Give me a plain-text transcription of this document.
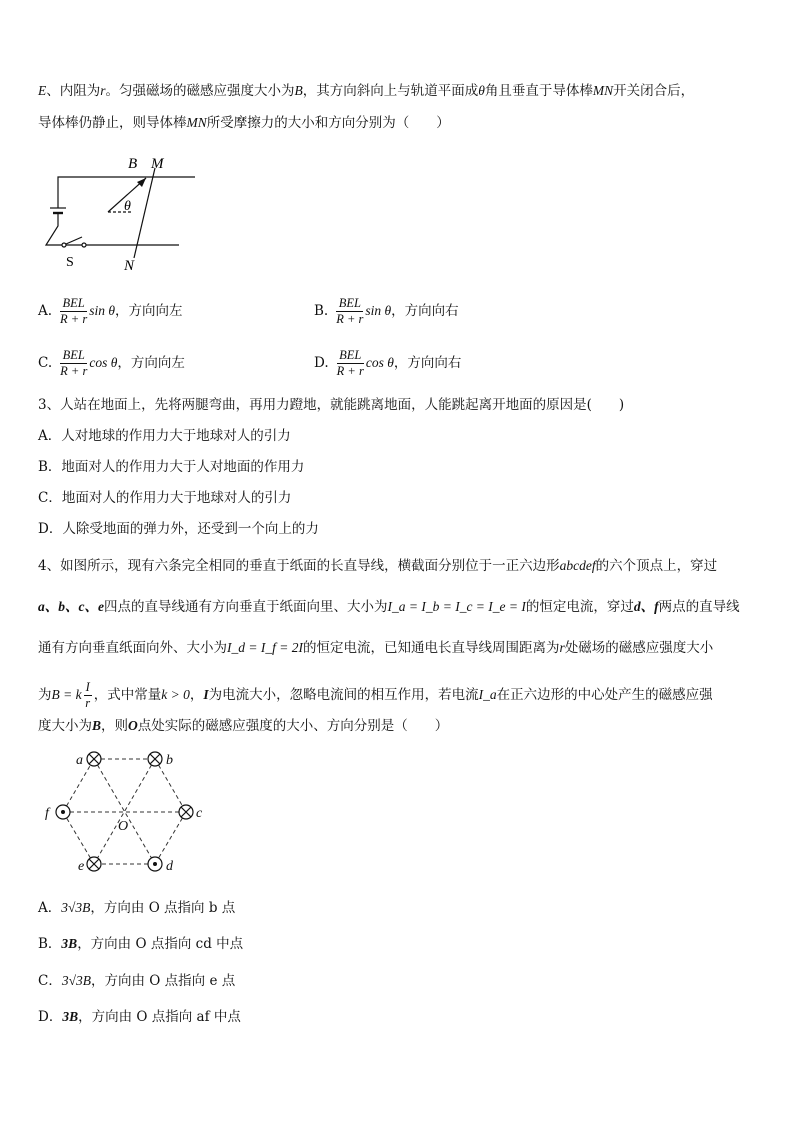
E、内阻为r。匀强磁场的磁感应强度大小为B，其方向斜向上与轨道平面成θ角且垂直于导体棒MN开关闭合后，
导体棒仍静止，则导体棒MN所受摩擦力的大小和方向分别为（　　）
B M
θ
S	N
A. $\frac{\text{BEL}}{R + r}$ sin θ，方向向左	B. $\frac{\text{BEL}}{R + r}$ sin θ，方向向右
C. $\frac{\text{BEL}}{R + r}$ cos θ，方向向左	D. $\frac{\text{BEL}}{R + r}$ cos θ，方向向右
3、人站在地面上，先将两腿弯曲，再用力蹬地，就能跳离地面，人能跳起离开地面的原因是(　　)
A．人对地球的作用力大于地球对人的引力
B．地面对人的作用力大于人对地面的作用力
C．地面对人的作用力大于地球对人的引力
D．人除受地面的弹力外，还受到一个向上的力
4、如图所示，现有六条完全相同的垂直于纸面的长直导线，横截面分别位于一正六边形abcdef的六个顶点上，穿过
a、b、c、e四点的直导线通有方向垂直于纸面向里、大小为I_a = I_b = I_c = I_e = I的恒定电流，穿过d、f两点的直导线
通有方向垂直纸面向外、大小为I_d = I_f = 2I的恒定电流，已知通电长直导线周围距离为r处磁场的磁感应强度大小
为B = k $\frac{I}{r}$ ，式中常量k > 0，I为电流大小，忽略电流间的相互作用，若电流I_a在正六边形的中心处产生的磁感应强
度大小为B，则O点处实际的磁感应强度的大小、方向分别是（　　）
a	b
c
d
e
f
O
A．3√3B，方向由 O 点指向 b 点
B．3B，方向由 O 点指向 cd 中点
C．3√3B，方向由 O 点指向 e 点
D．3B，方向由 O 点指向 af 中点
